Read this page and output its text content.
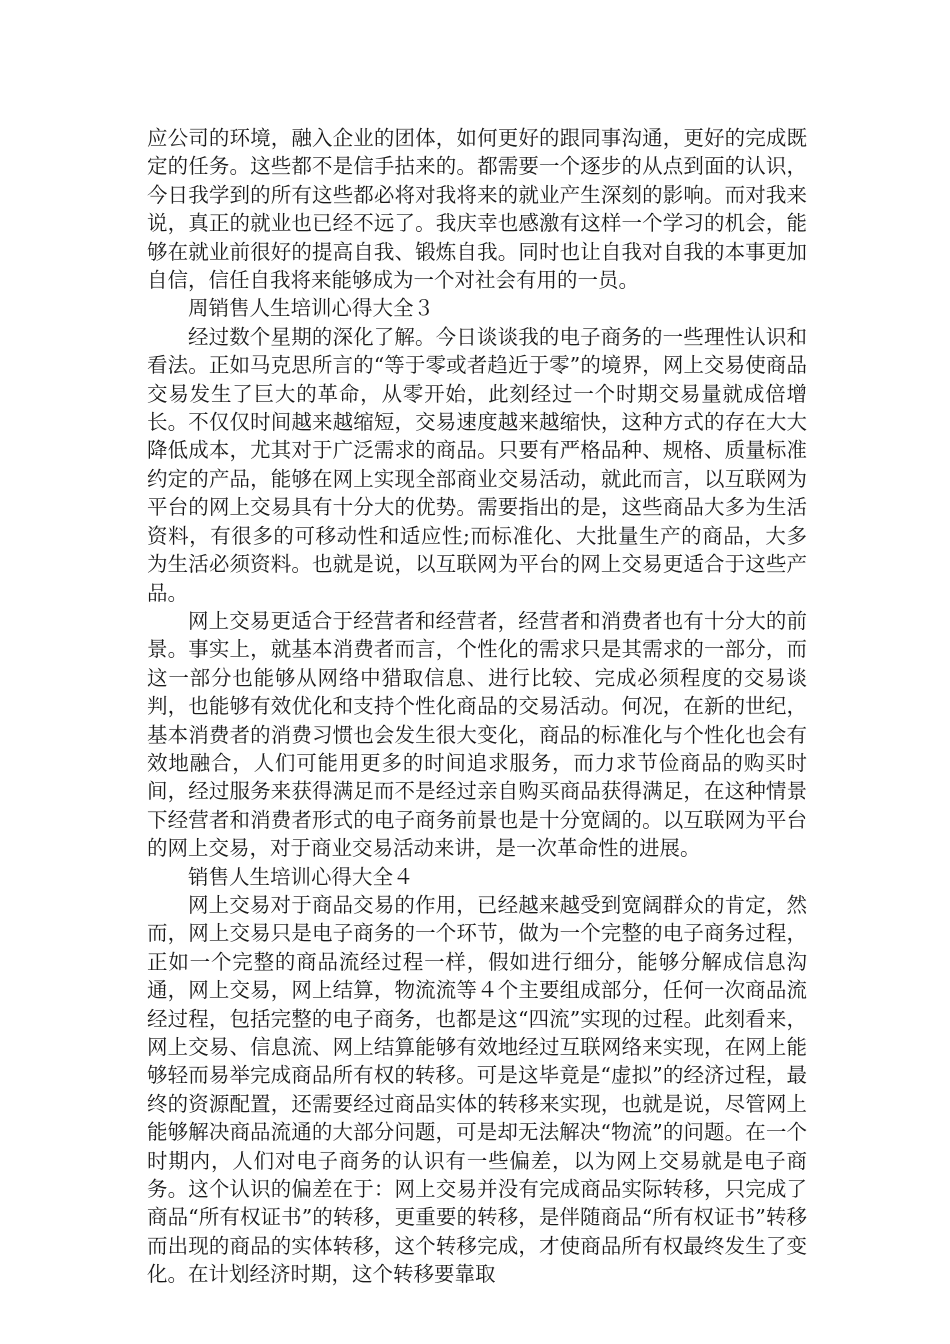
应公司的环境，融入企业的团体，如何更好的跟同事沟通，更好的完成既定的任务。这些都不是信手拈来的。都需要一个逐步的从点到面的认识，今日我学到的所有这些都必将对我将来的就业产生深刻的影响。而对我来说，真正的就业也已经不远了。我庆幸也感激有这样一个学习的机会，能够在就业前很好的提高自我、锻炼自我。同时也让自我对自我的本事更加自信，信任自我将来能够成为一个对社会有用的一员。

周销售人生培训心得大全３

经过数个星期的深化了解。今日谈谈我的电子商务的一些理性认识和看法。正如马克思所言的“等于零或者趋近于零”的境界，网上交易使商品交易发生了巨大的革命，从零开始，此刻经过一个时期交易量就成倍增长。不仅仅时间越来越缩短，交易速度越来越缩快，这种方式的存在大大降低成本，尤其对于广泛需求的商品。只要有严格品种、规格、质量标准约定的产品，能够在网上实现全部商业交易活动，就此而言，以互联网为平台的网上交易具有十分大的优势。需要指出的是，这些商品大多为生活资料，有很多的可移动性和适应性;而标准化、大批量生产的商品，大多为生活必须资料。也就是说，以互联网为平台的网上交易更适合于这些产品。

网上交易更适合于经营者和经营者，经营者和消费者也有十分大的前景。事实上，就基本消费者而言，个性化的需求只是其需求的一部分，而这一部分也能够从网络中猎取信息、进行比较、完成必须程度的交易谈判，也能够有效优化和支持个性化商品的交易活动。何况，在新的世纪，基本消费者的消费习惯也会发生很大变化，商品的标准化与个性化也会有效地融合，人们可能用更多的时间追求服务，而力求节俭商品的购买时间，经过服务来获得满足而不是经过亲自购买商品获得满足，在这种情景下经营者和消费者形式的电子商务前景也是十分宽阔的。以互联网为平台的网上交易，对于商业交易活动来讲，是一次革命性的进展。

销售人生培训心得大全４

网上交易对于商品交易的作用，已经越来越受到宽阔群众的肯定，然而，网上交易只是电子商务的一个环节，做为一个完整的电子商务过程，正如一个完整的商品流经过程一样，假如进行细分，能够分解成信息沟通，网上交易，网上结算，物流流等４个主要组成部分，任何一次商品流经过程，包括完整的电子商务，也都是这“四流”实现的过程。此刻看来，网上交易、信息流、网上结算能够有效地经过互联网络来实现，在网上能够轻而易举完成商品所有权的转移。可是这毕竟是“虚拟”的经济过程，最终的资源配置，还需要经过商品实体的转移来实现，也就是说，尽管网上能够解决商品流通的大部分问题，可是却无法解决“物流”的问题。在一个时期内，人们对电子商务的认识有一些偏差，以为网上交易就是电子商务。这个认识的偏差在于：网上交易并没有完成商品实际转移，只完成了商品“所有权证书”的转移，更重要的转移，是伴随商品“所有权证书”转移而出现的商品的实体转移，这个转移完成，才使商品所有权最终发生了变化。在计划经济时期，这个转移要靠取
